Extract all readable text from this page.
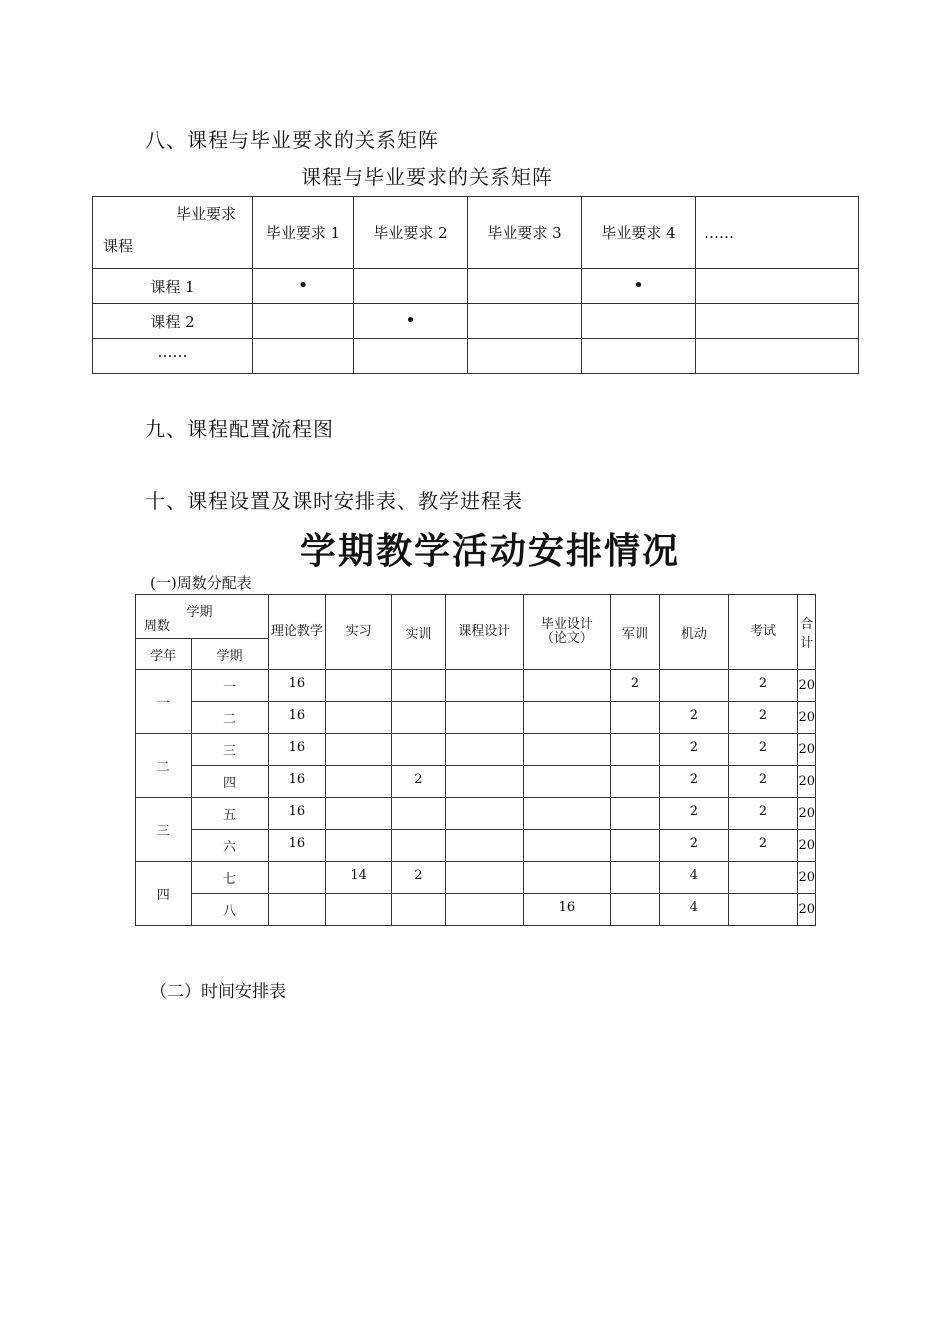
八、课程与毕业要求的关系矩阵
课程与毕业要求的关系矩阵
毕业要求
课程	毕业要求 1	毕业要求 2	毕业要求 3	毕业要求 4	……
课程 1	•			•	
课程 2		•			
……					
九、课程配置流程图
十、课程设置及课时安排表、教学进程表
学期教学活动安排情况
(一)周数分配表
学期
周数		理论教学	实习	实训	课程设计	毕业设计（论文）	军训	机动	考试	合计
学年	学期									
一	一	16					2		2	20
	二	16						2	2	20
二	三	16						2	2	20
	四	16		2				2	2	20
三	五	16						2	2	20
	六	16						2	2	20
四	七		14	2				4		20
	八					16		4		20
（二）时间安排表
